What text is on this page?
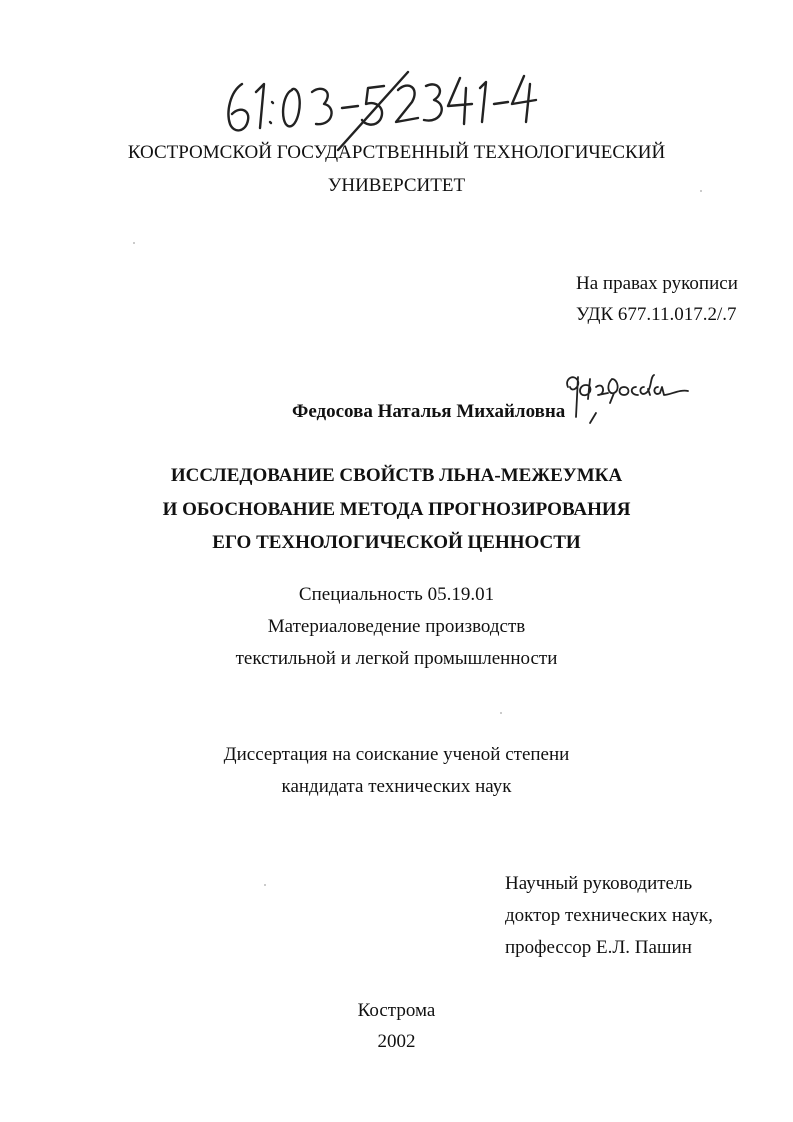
КОСТРОМСКОЙ ГОСУДАРСТВЕННЫЙ ТЕХНОЛОГИЧЕСКИЙ
УНИВЕРСИТЕТ
На правах рукописи
УДК 677.11.017.2/.7
Федосова Наталья Михайловна
ИССЛЕДОВАНИЕ СВОЙСТВ ЛЬНА-МЕЖЕУМКА
И ОБОСНОВАНИЕ МЕТОДА ПРОГНОЗИРОВАНИЯ
ЕГО ТЕХНОЛОГИЧЕСКОЙ ЦЕННОСТИ
Специальность 05.19.01
Материаловедение производств
текстильной и легкой промышленности
Диссертация на соискание ученой степени
кандидата технических наук
Научный руководитель
доктор технических наук,
профессор Е.Л. Пашин
Кострома
2002
